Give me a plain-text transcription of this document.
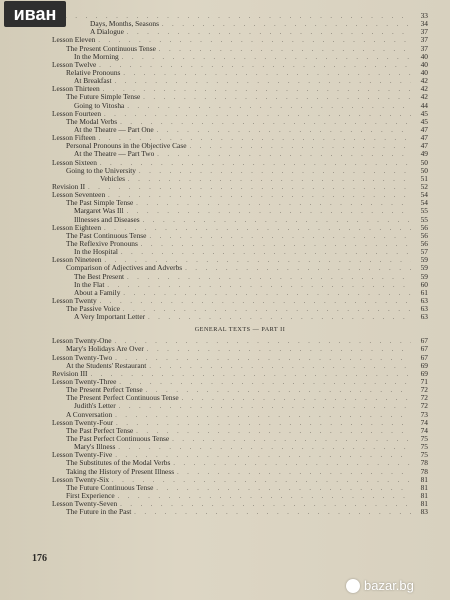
иван . . .	33
Days, Months, Seasons . . .	34
A Dialogue . . .	37
Lesson Eleven . . .	37
The Present Continuous Tense . . .	37
In the Morning . . .	40
Lesson Twelve . . .	40
Relative Pronouns . . .	40
At Breakfast . . .	42
Lesson Thirteen . . .	42
The Future Simple Tense . . .	42
Going to Vitosha . . .	44
Lesson Fourteen . . .	45
The Modal Verbs . . .	45
At the Theatre — Part One . . .	47
Lesson Fifteen . . .	47
Personal Pronouns in the Objective Case . . .	47
At the Theatre — Part Two . . .	49
Lesson Sixteen . . .	50
Going to the University . . .	50
Vehicles . . .	51
Revision II . . .	52
Lesson Seventeen . . .	54
The Past Simple Tense . . .	54
Margaret Was Ill . . .	55
Illnesses and Diseases . . .	55
Lesson Eighteen . . .	56
The Past Continuous Tense . . .	56
The Reflexive Pronouns . . .	56
In the Hospital . . .	57
Lesson Nineteen . . .	59
Comparison of Adjectives and Adverbs . . .	59
The Best Present . . .	59
In the Flat . . .	60
About a Family . . .	61
Lesson Twenty . . .	63
The Passive Voice . . .	63
A Very Important Letter . . .	63
GENERAL TEXTS — PART II
Lesson Twenty-One . . .	67
Mary's Holidays Are Over . . .	67
Lesson Twenty-Two . . .	67
At the Students' Restaurant . . .	69
Revision III . . .	69
Lesson Twenty-Three . . .	71
The Present Perfect Tense . . .	72
The Present Perfect Continuous Tense . . .	72
Judith's Letter . . .	72
A Conversation . . .	73
Lesson Twenty-Four . . .	74
The Past Perfect Tense . . .	74
The Past Perfect Continuous Tense . . .	75
Mary's Illness . . .	75
Lesson Twenty-Five . . .	75
The Substitutes of the Modal Verbs . . .	78
Taking the History of Present Illness . . .	78
Lesson Twenty-Six . . .	81
The Future Continuous Tense . . .	81
First Experience . . .	81
Lesson Twenty-Seven . . .	81
The Future in the Past . . .	83
176
bazar.bg
